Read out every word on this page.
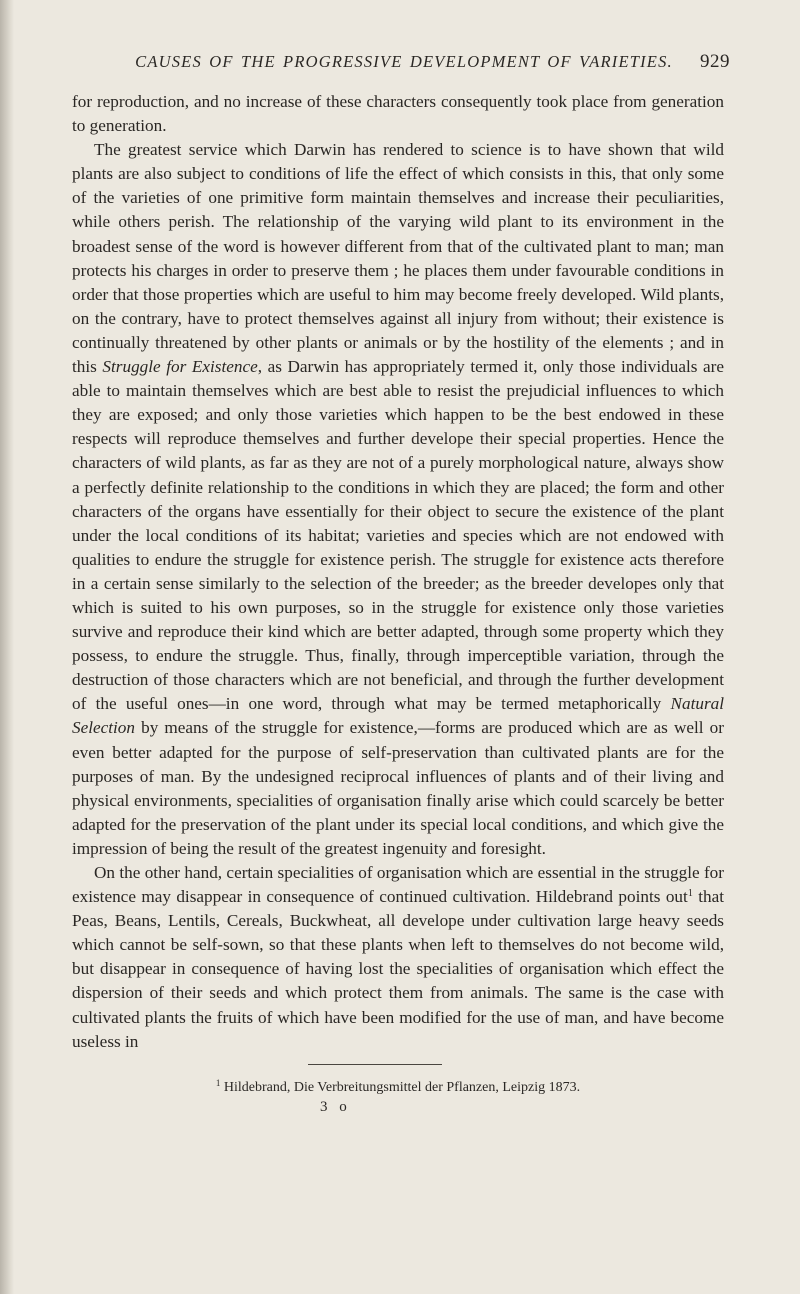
CAUSES OF THE PROGRESSIVE DEVELOPMENT OF VARIETIES. 929

for reproduction, and no increase of these characters consequently took place from generation to generation.

The greatest service which Darwin has rendered to science is to have shown that wild plants are also subject to conditions of life the effect of which consists in this, that only some of the varieties of one primitive form maintain themselves and increase their peculiarities, while others perish. The relationship of the varying wild plant to its environment in the broadest sense of the word is however different from that of the cultivated plant to man; man protects his charges in order to preserve them ; he places them under favourable conditions in order that those properties which are useful to him may become freely developed. Wild plants, on the contrary, have to protect themselves against all injury from without; their existence is continually threatened by other plants or animals or by the hostility of the elements ; and in this Struggle for Existence, as Darwin has appropriately termed it, only those individuals are able to maintain themselves which are best able to resist the prejudicial influences to which they are exposed; and only those varieties which happen to be the best endowed in these respects will reproduce themselves and further develope their special properties. Hence the characters of wild plants, as far as they are not of a purely morphological nature, always show a perfectly definite relationship to the conditions in which they are placed; the form and other characters of the organs have essentially for their object to secure the existence of the plant under the local conditions of its habitat; varieties and species which are not endowed with qualities to endure the struggle for existence perish. The struggle for existence acts therefore in a certain sense similarly to the selection of the breeder; as the breeder developes only that which is suited to his own purposes, so in the struggle for existence only those varieties survive and reproduce their kind which are better adapted, through some property which they possess, to endure the struggle. Thus, finally, through imperceptible variation, through the destruction of those characters which are not beneficial, and through the further development of the useful ones—in one word, through what may be termed metaphorically Natural Selection by means of the struggle for existence,—forms are produced which are as well or even better adapted for the purpose of self-preservation than cultivated plants are for the purposes of man. By the undesigned reciprocal influences of plants and of their living and physical environments, specialities of organisation finally arise which could scarcely be better adapted for the preservation of the plant under its special local conditions, and which give the impression of being the result of the greatest ingenuity and foresight.

On the other hand, certain specialities of organisation which are essential in the struggle for existence may disappear in consequence of continued cultivation. Hildebrand points out$^1$ that Peas, Beans, Lentils, Cereals, Buckwheat, all develope under cultivation large heavy seeds which cannot be self-sown, so that these plants when left to themselves do not become wild, but disappear in consequence of having lost the specialities of organisation which effect the dispersion of their seeds and which protect them from animals. The same is the case with cultivated plants the fruits of which have been modified for the use of man, and have become useless in

$^1$ Hildebrand, Die Verbreitungsmittel der Pflanzen, Leipzig 1873.
3 o
